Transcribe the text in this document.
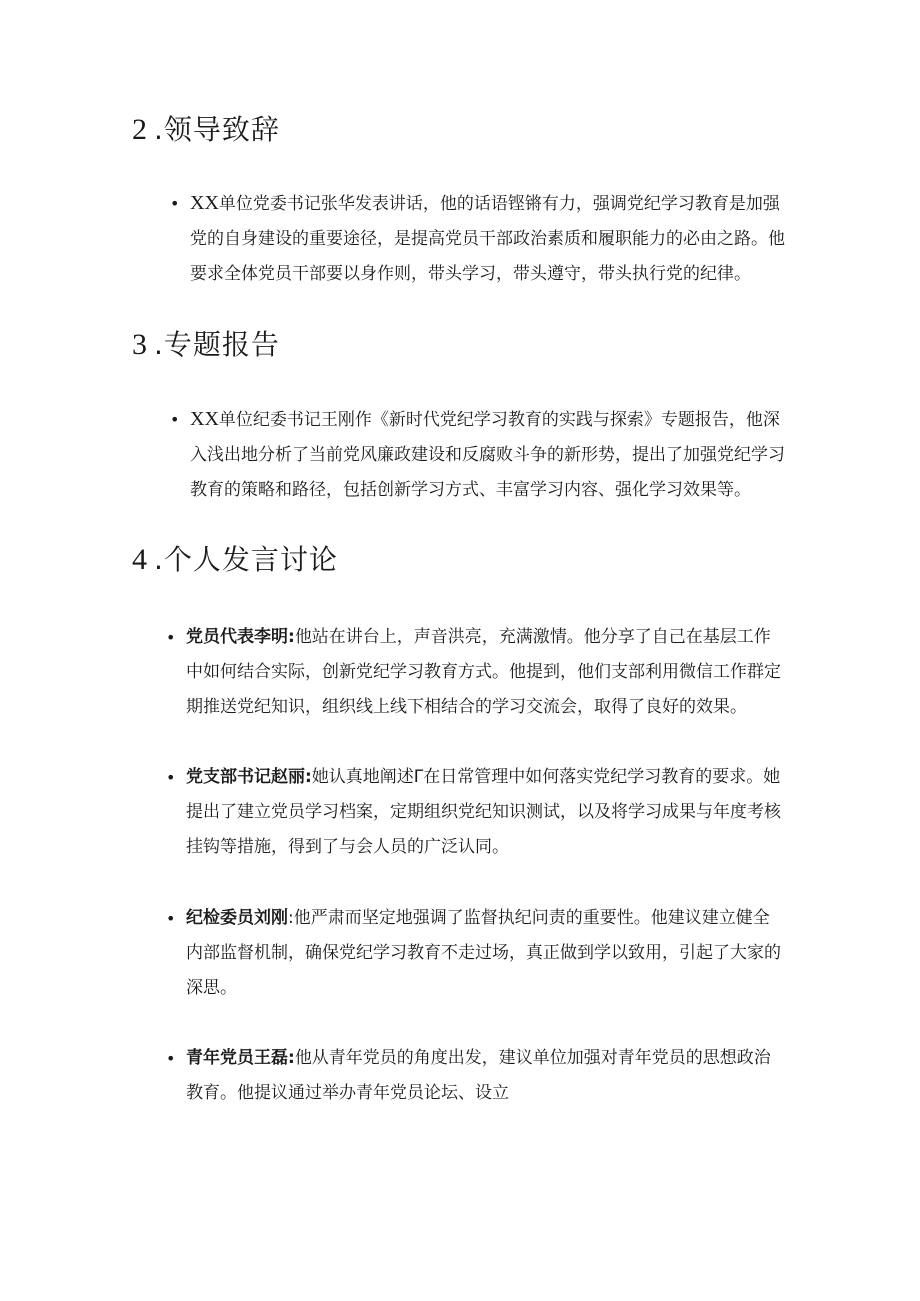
2 .领导致辞
• XX单位党委书记张华发表讲话，他的话语铿锵有力，强调党纪学习教育是加强党的自身建设的重要途径，是提高党员干部政治素质和履职能力的必由之路。他要求全体党员干部要以身作则，带头学习，带头遵守，带头执行党的纪律。
3 .专题报告
• XX单位纪委书记王刚作《新时代党纪学习教育的实践与探索》专题报告，他深入浅出地分析了当前党风廉政建设和反腐败斗争的新形势，提出了加强党纪学习教育的策略和路径，包括创新学习方式、丰富学习内容、强化学习效果等。
4 .个人发言讨论
• 党员代表李明:他站在讲台上，声音洪亮，充满激情。他分享了自己在基层工作中如何结合实际，创新党纪学习教育方式。他提到，他们支部利用微信工作群定期推送党纪知识，组织线上线下相结合的学习交流会，取得了良好的效果。
• 党支部书记赵丽:她认真地阐述Γ在日常管理中如何落实党纪学习教育的要求。她提出了建立党员学习档案，定期组织党纪知识测试，以及将学习成果与年度考核挂钩等措施，得到了与会人员的广泛认同。
• 纪检委员刘刚:他严肃而坚定地强调了监督执纪问责的重要性。他建议建立健全内部监督机制，确保党纪学习教育不走过场，真正做到学以致用，引起了大家的深思。
• 青年党员王磊:他从青年党员的角度出发，建议单位加强对青年党员的思想政治教育。他提议通过举办青年党员论坛、设立
